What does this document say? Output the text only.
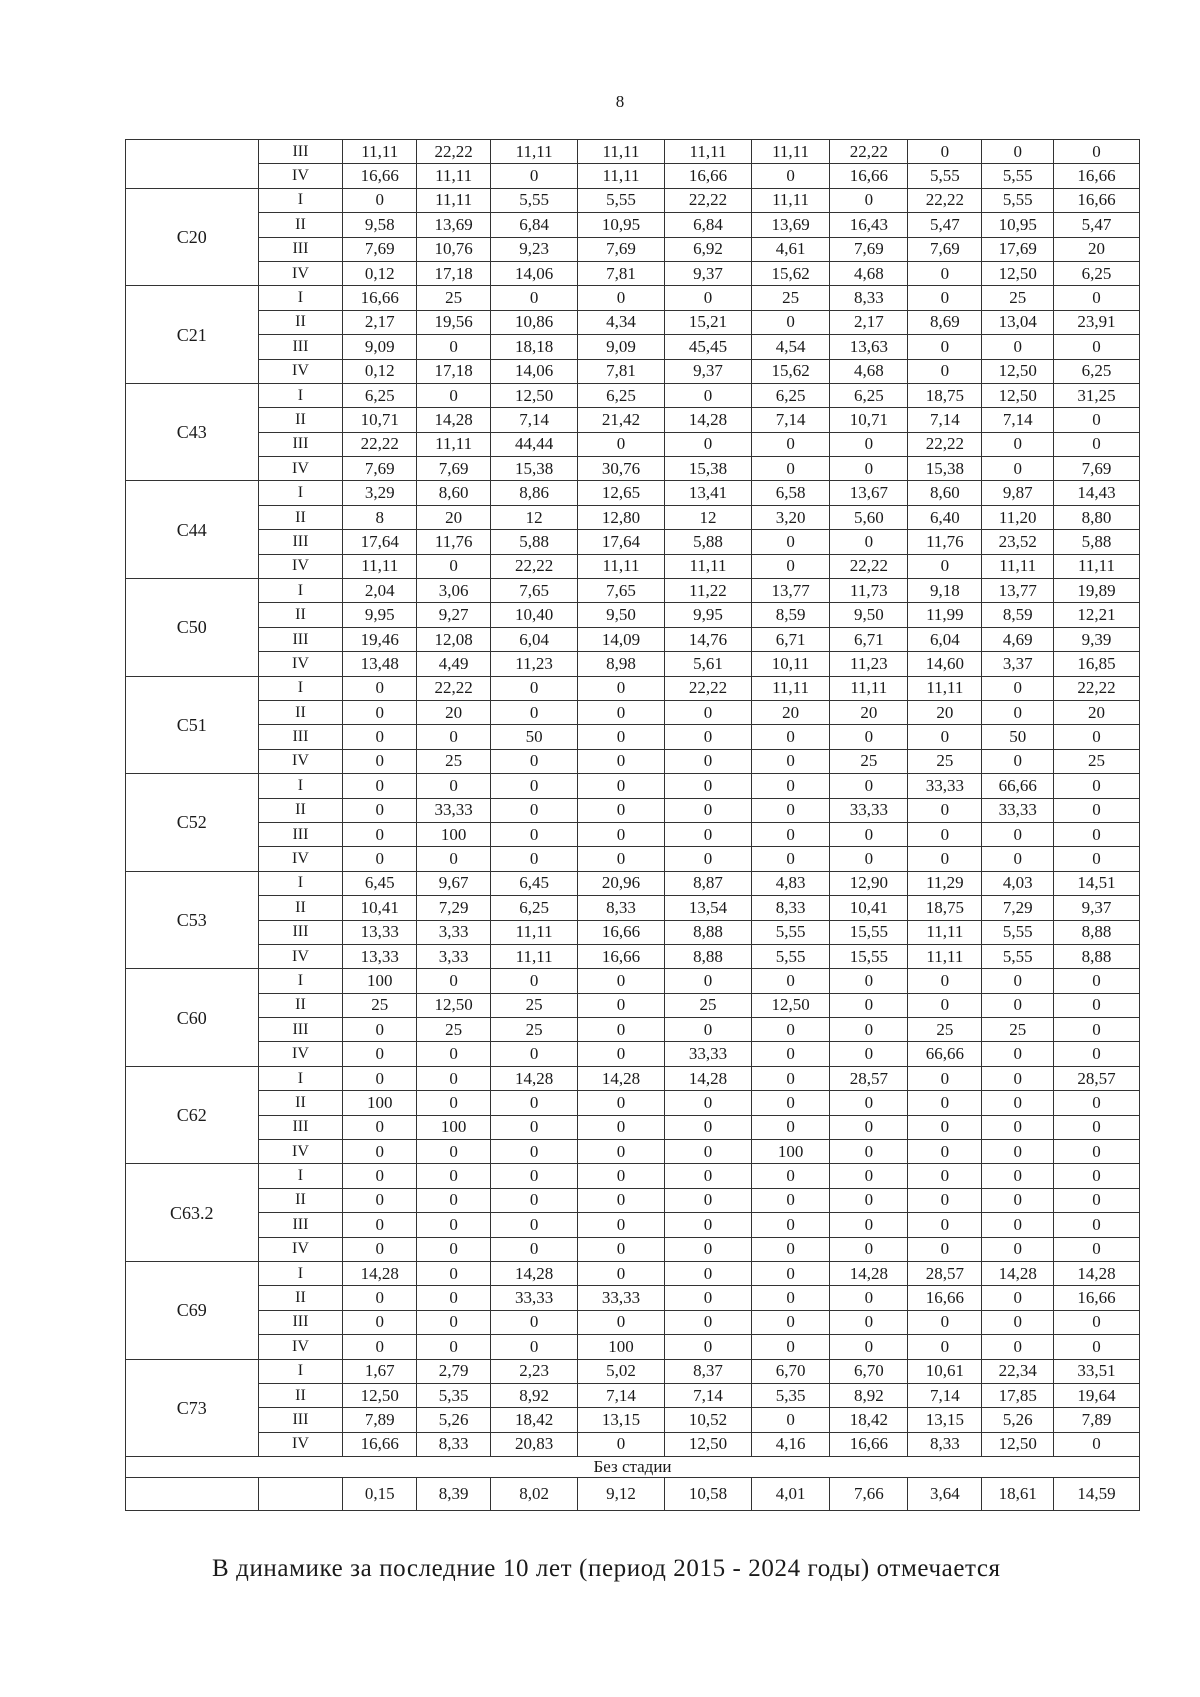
8
	III	11,11	22,22	11,11	11,11	11,11	11,11	22,22	0	0	0
	IV	16,66	11,11	0	11,11	16,66	0	16,66	5,55	5,55	16,66
C20	I	0	11,11	5,55	5,55	22,22	11,11	0	22,22	5,55	16,66
	II	9,58	13,69	6,84	10,95	6,84	13,69	16,43	5,47	10,95	5,47
	III	7,69	10,76	9,23	7,69	6,92	4,61	7,69	7,69	17,69	20
	IV	0,12	17,18	14,06	7,81	9,37	15,62	4,68	0	12,50	6,25
C21	I	16,66	25	0	0	0	25	8,33	0	25	0
	II	2,17	19,56	10,86	4,34	15,21	0	2,17	8,69	13,04	23,91
	III	9,09	0	18,18	9,09	45,45	4,54	13,63	0	0	0
	IV	0,12	17,18	14,06	7,81	9,37	15,62	4,68	0	12,50	6,25
C43	I	6,25	0	12,50	6,25	0	6,25	6,25	18,75	12,50	31,25
	II	10,71	14,28	7,14	21,42	14,28	7,14	10,71	7,14	7,14	0
	III	22,22	11,11	44,44	0	0	0	0	22,22	0	0
	IV	7,69	7,69	15,38	30,76	15,38	0	0	15,38	0	7,69
C44	I	3,29	8,60	8,86	12,65	13,41	6,58	13,67	8,60	9,87	14,43
	II	8	20	12	12,80	12	3,20	5,60	6,40	11,20	8,80
	III	17,64	11,76	5,88	17,64	5,88	0	0	11,76	23,52	5,88
	IV	11,11	0	22,22	11,11	11,11	0	22,22	0	11,11	11,11
C50	I	2,04	3,06	7,65	7,65	11,22	13,77	11,73	9,18	13,77	19,89
	II	9,95	9,27	10,40	9,50	9,95	8,59	9,50	11,99	8,59	12,21
	III	19,46	12,08	6,04	14,09	14,76	6,71	6,71	6,04	4,69	9,39
	IV	13,48	4,49	11,23	8,98	5,61	10,11	11,23	14,60	3,37	16,85
C51	I	0	22,22	0	0	22,22	11,11	11,11	11,11	0	22,22
	II	0	20	0	0	0	20	20	20	0	20
	III	0	0	50	0	0	0	0	0	50	0
	IV	0	25	0	0	0	0	25	25	0	25
C52	I	0	0	0	0	0	0	0	33,33	66,66	0
	II	0	33,33	0	0	0	0	33,33	0	33,33	0
	III	0	100	0	0	0	0	0	0	0	0
	IV	0	0	0	0	0	0	0	0	0	0
C53	I	6,45	9,67	6,45	20,96	8,87	4,83	12,90	11,29	4,03	14,51
	II	10,41	7,29	6,25	8,33	13,54	8,33	10,41	18,75	7,29	9,37
	III	13,33	3,33	11,11	16,66	8,88	5,55	15,55	11,11	5,55	8,88
	IV	13,33	3,33	11,11	16,66	8,88	5,55	15,55	11,11	5,55	8,88
C60	I	100	0	0	0	0	0	0	0	0	0
	II	25	12,50	25	0	25	12,50	0	0	0	0
	III	0	25	25	0	0	0	0	25	25	0
	IV	0	0	0	0	33,33	0	0	66,66	0	0
C62	I	0	0	14,28	14,28	14,28	0	28,57	0	0	28,57
	II	100	0	0	0	0	0	0	0	0	0
	III	0	100	0	0	0	0	0	0	0	0
	IV	0	0	0	0	0	100	0	0	0	0
C63.2	I	0	0	0	0	0	0	0	0	0	0
	II	0	0	0	0	0	0	0	0	0	0
	III	0	0	0	0	0	0	0	0	0	0
	IV	0	0	0	0	0	0	0	0	0	0
C69	I	14,28	0	14,28	0	0	0	14,28	28,57	14,28	14,28
	II	0	0	33,33	33,33	0	0	0	16,66	0	16,66
	III	0	0	0	0	0	0	0	0	0	0
	IV	0	0	0	100	0	0	0	0	0	0
C73	I	1,67	2,79	2,23	5,02	8,37	6,70	6,70	10,61	22,34	33,51
	II	12,50	5,35	8,92	7,14	7,14	5,35	8,92	7,14	17,85	19,64
	III	7,89	5,26	18,42	13,15	10,52	0	18,42	13,15	5,26	7,89
	IV	16,66	8,33	20,83	0	12,50	4,16	16,66	8,33	12,50	0
Без стадии											
		0,15	8,39	8,02	9,12	10,58	4,01	7,66	3,64	18,61	14,59
В динамике за последние 10 лет (период 2015 - 2024 годы) отмечается
